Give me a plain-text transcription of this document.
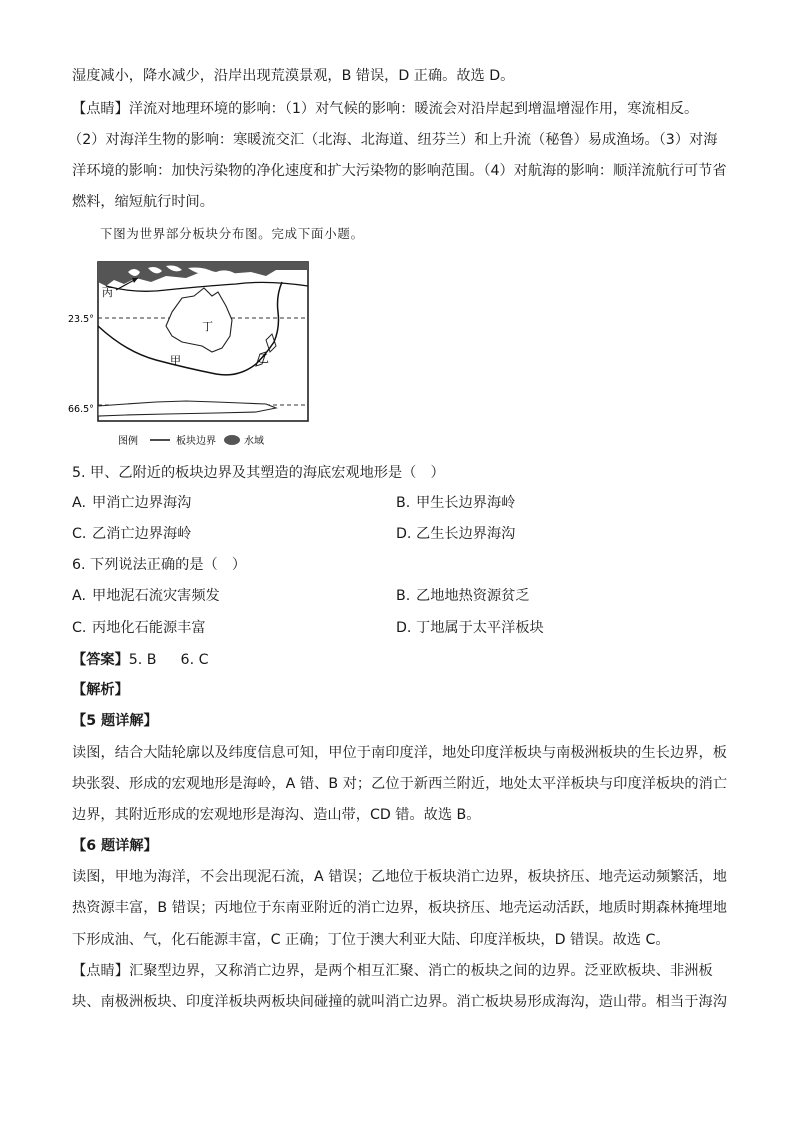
湿度减小，降水减少，沿岸出现荒漠景观，B 错误，D 正确。故选 D。
【点睛】洋流对地理环境的影响：（1）对气候的影响：暖流会对沿岸起到增温增湿作用，寒流相反。
（2）对海洋生物的影响：寒暖流交汇（北海、北海道、纽芬兰）和上升流（秘鲁）易成渔场。（3）对海
洋环境的影响：加快污染物的净化速度和扩大污染物的影响范围。（4）对航海的影响：顺洋流航行可节省
燃料，缩短航行时间。
下图为世界部分板块分布图。完成下面小题。
丙
丁
甲	乙
23.5°
66.5°
图例	板块边界	水域
5. 甲、乙附近的板块边界及其塑造的海底宏观地形是（　）
A. 甲消亡边界海沟	B. 甲生长边界海岭
C. 乙消亡边界海岭	D. 乙生长边界海沟
6. 下列说法正确的是（　）
A. 甲地泥石流灾害频发	B. 乙地地热资源贫乏
C. 丙地化石能源丰富	D. 丁地属于太平洋板块
【答案】5. B 6. C
【解析】
【5 题详解】
读图，结合大陆轮廓以及纬度信息可知，甲位于南印度洋，地处印度洋板块与南极洲板块的生长边界，板
块张裂、形成的宏观地形是海岭，A 错、B 对；乙位于新西兰附近，地处太平洋板块与印度洋板块的消亡
边界，其附近形成的宏观地形是海沟、造山带，CD 错。故选 B。
【6 题详解】
读图，甲地为海洋，不会出现泥石流，A 错误；乙地位于板块消亡边界，板块挤压、地壳运动频繁活，地
热资源丰富，B 错误；丙地位于东南亚附近的消亡边界，板块挤压、地壳运动活跃，地质时期森林掩埋地
下形成油、气，化石能源丰富，C 正确；丁位于澳大利亚大陆、印度洋板块，D 错误。故选 C。
【点睛】汇聚型边界，又称消亡边界，是两个相互汇聚、消亡的板块之间的边界。泛亚欧板块、非洲板
块、南极洲板块、印度洋板块两板块间碰撞的就叫消亡边界。消亡板块易形成海沟，造山带。相当于海沟
